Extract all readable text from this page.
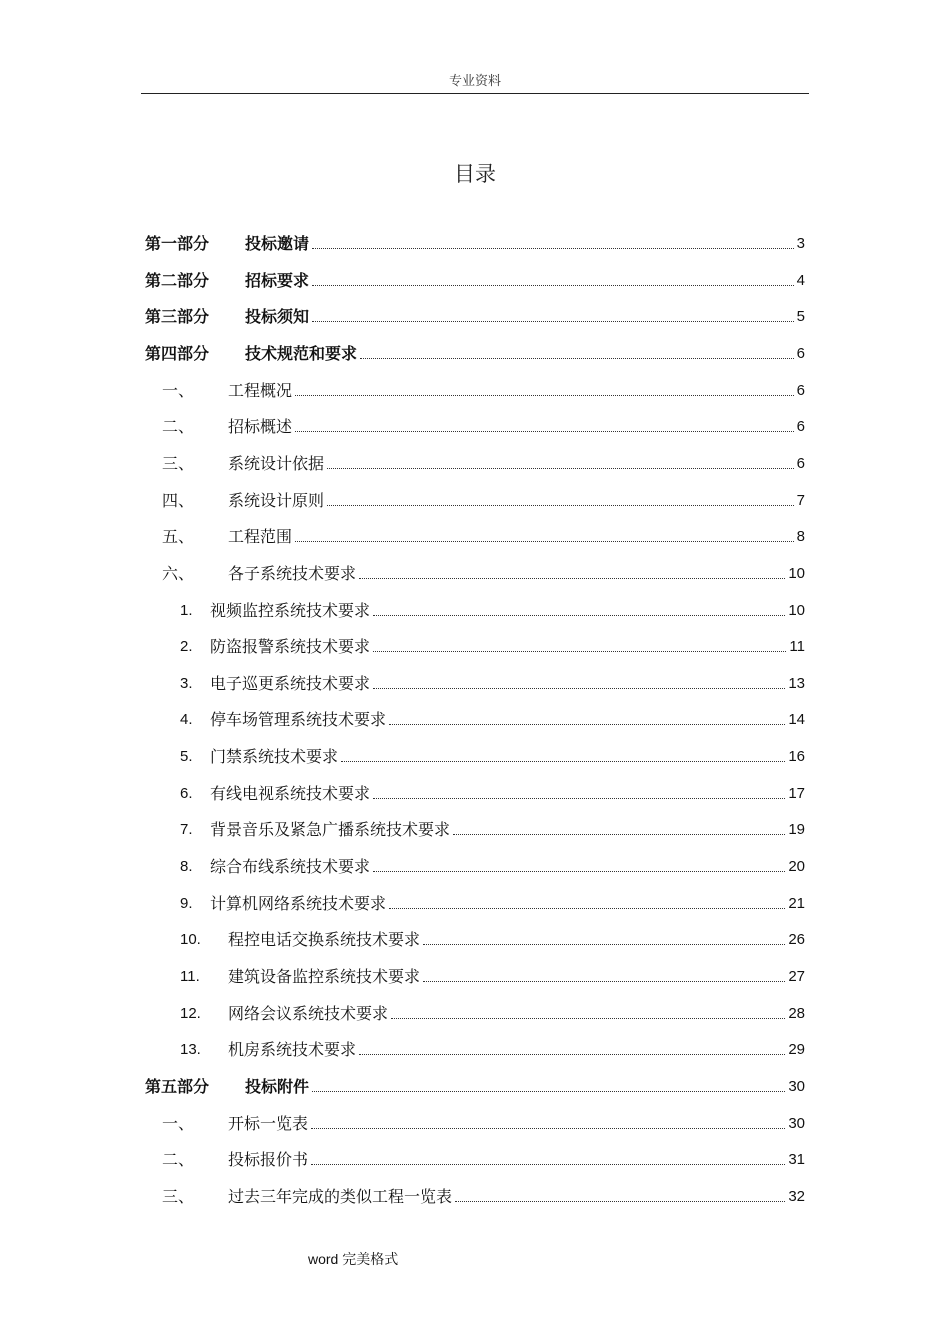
专业资料
目录
第一部分	投标邀请	3
第二部分	招标要求	4
第三部分	投标须知	5
第四部分	技术规范和要求	6
一、	工程概况	6
二、	招标概述	6
三、	系统设计依据	6
四、	系统设计原则	7
五、	工程范围	8
六、	各子系统技术要求	10
1.	视频监控系统技术要求	10
2.	防盗报警系统技术要求	11
3.	电子巡更系统技术要求	13
4.	停车场管理系统技术要求	14
5.	门禁系统技术要求	16
6.	有线电视系统技术要求	17
7.	背景音乐及紧急广播系统技术要求	19
8.	综合布线系统技术要求	20
9.	计算机网络系统技术要求	21
10.	程控电话交换系统技术要求	26
11.	建筑设备监控系统技术要求	27
12.	网络会议系统技术要求	28
13.	机房系统技术要求	29
第五部分	投标附件	30
一、	开标一览表	30
二、	投标报价书	31
三、	过去三年完成的类似工程一览表	32
word 完美格式
